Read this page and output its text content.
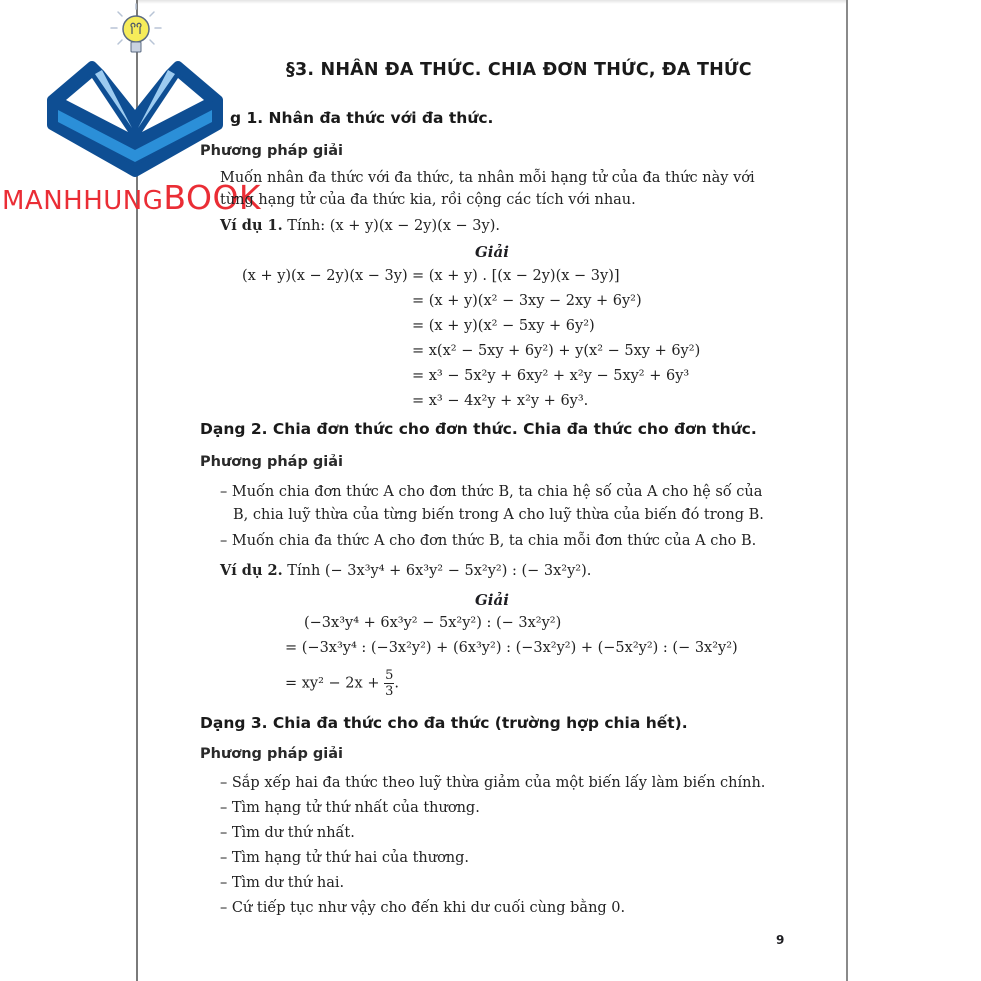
MANHHUNGBOOK
§3. NHÂN ĐA THỨC. CHIA ĐƠN THỨC, ĐA THỨC
g 1. Nhân đa thức với đa thức.
Phương pháp giải
Muốn nhân đa thức với đa thức, ta nhân mỗi hạng tử của đa thức này với
từng hạng tử của đa thức kia, rồi cộng các tích với nhau.
Ví dụ 1. Tính: (x + y)(x − 2y)(x − 3y).
Giải
(x + y)(x − 2y)(x − 3y) = (x + y) . [(x − 2y)(x − 3y)]
= (x + y)(x² − 3xy − 2xy + 6y²)
= (x + y)(x² − 5xy + 6y²)
= x(x² − 5xy + 6y²) + y(x² − 5xy + 6y²)
= x³ − 5x²y + 6xy² + x²y − 5xy² + 6y³
= x³ − 4x²y + x²y + 6y³.
Dạng 2. Chia đơn thức cho đơn thức. Chia đa thức cho đơn thức.
Phương pháp giải
– Muốn chia đơn thức A cho đơn thức B, ta chia hệ số của A cho hệ số của
B, chia luỹ thừa của từng biến trong A cho luỹ thừa của biến đó trong B.
– Muốn chia đa thức A cho đơn thức B, ta chia mỗi đơn thức của A cho B.
Ví dụ 2. Tính (− 3x³y⁴ + 6x³y² − 5x²y²) : (− 3x²y²).
Giải
(−3x³y⁴ + 6x³y² − 5x²y²) : (− 3x²y²)
= (−3x³y⁴ : (−3x²y²) + (6x³y²) : (−3x²y²) + (−5x²y²) : (− 3x²y²)
= $xy^2 - 2x + \frac{5}{3}$ .
Dạng 3. Chia đa thức cho đa thức (trường hợp chia hết).
Phương pháp giải
– Sắp xếp hai đa thức theo luỹ thừa giảm của một biến lấy làm biến chính.
– Tìm hạng tử thứ nhất của thương.
– Tìm dư thứ nhất.
– Tìm hạng tử thứ hai của thương.
– Tìm dư thứ hai.
– Cứ tiếp tục như vậy cho đến khi dư cuối cùng bằng 0.
9
